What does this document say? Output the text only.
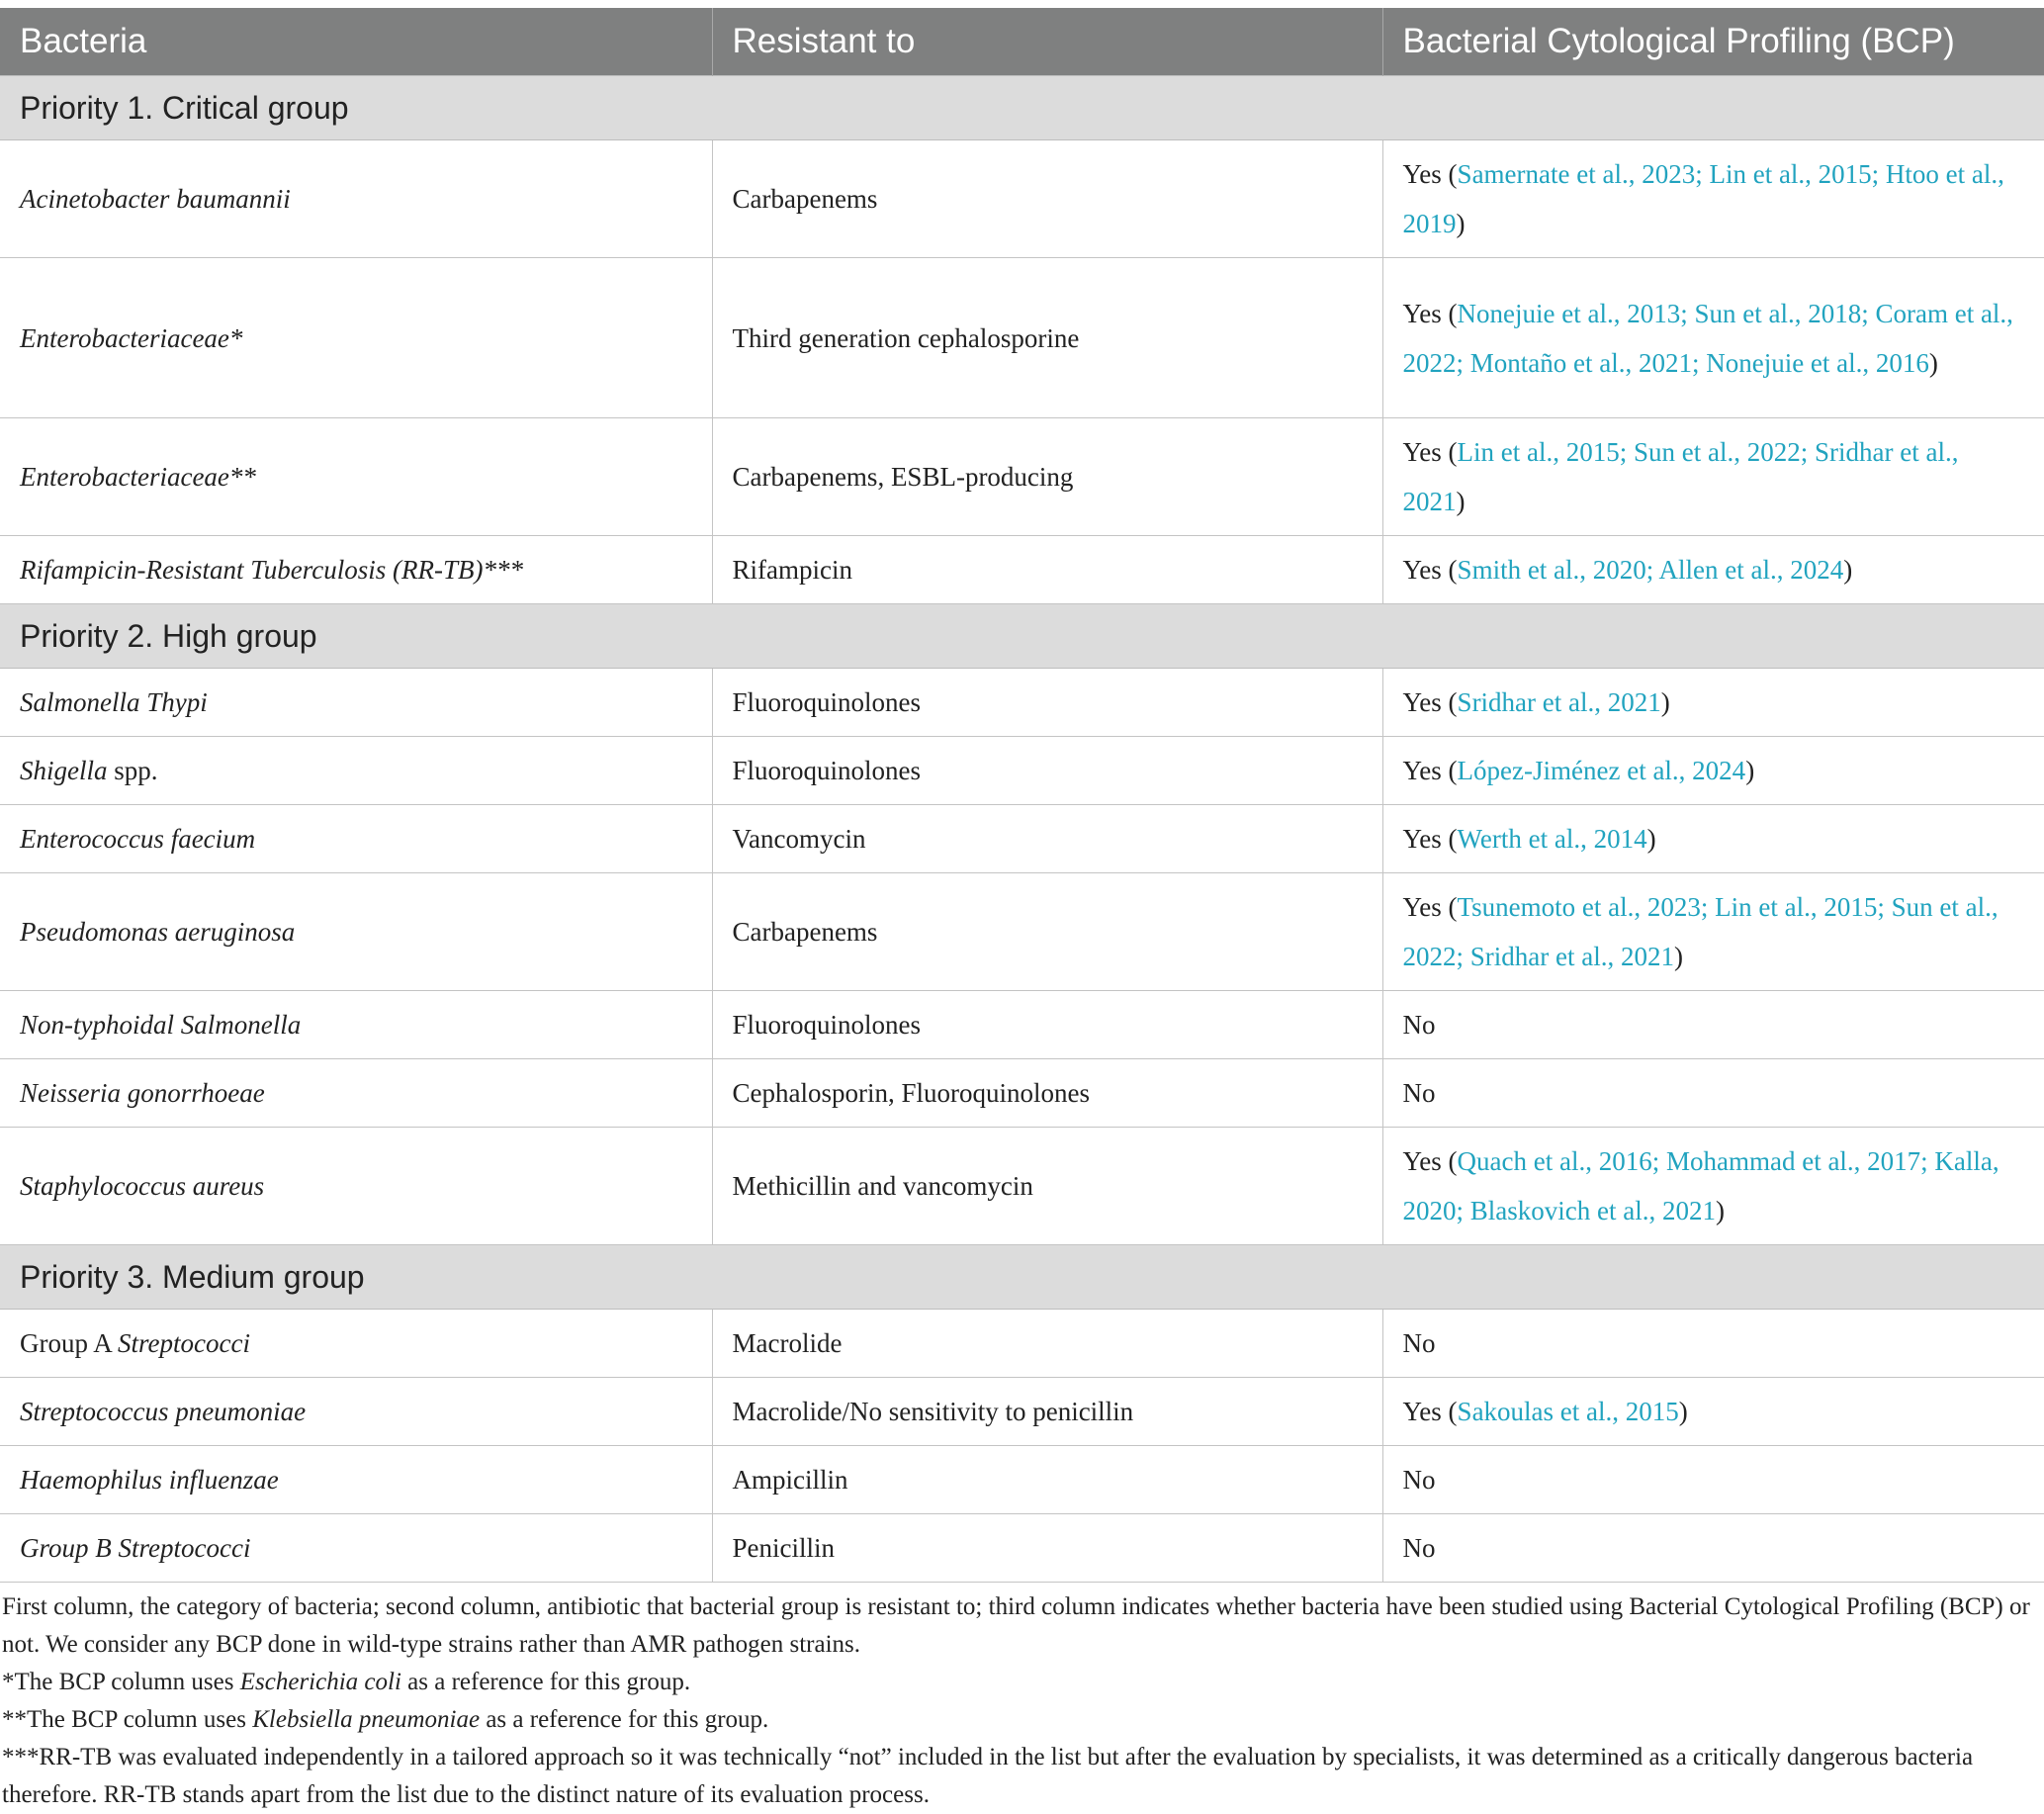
Bacteria	Resistant to	Bacterial Cytological Profiling (BCP)
Priority 1. Critical group		
Acinetobacter baumannii	Carbapenems	Yes (Samernate et al., 2023; Lin et al., 2015; Htoo et al., 2019)
Enterobacteriaceae*	Third generation cephalosporine	Yes (Nonejuie et al., 2013; Sun et al., 2018; Coram et al., 2022; Montaño et al., 2021; Nonejuie et al., 2016)
Enterobacteriaceae**	Carbapenems, ESBL-producing	Yes (Lin et al., 2015; Sun et al., 2022; Sridhar et al., 2021)
Rifampicin-Resistant Tuberculosis (RR-TB)***	Rifampicin	Yes (Smith et al., 2020; Allen et al., 2024)
Priority 2. High group		
Salmonella Thypi	Fluoroquinolones	Yes (Sridhar et al., 2021)
Shigella spp.	Fluoroquinolones	Yes (López-Jiménez et al., 2024)
Enterococcus faecium	Vancomycin	Yes (Werth et al., 2014)
Pseudomonas aeruginosa	Carbapenems	Yes (Tsunemoto et al., 2023; Lin et al., 2015; Sun et al., 2022; Sridhar et al., 2021)
Non-typhoidal Salmonella	Fluoroquinolones	No
Neisseria gonorrhoeae	Cephalosporin, Fluoroquinolones	No
Staphylococcus aureus	Methicillin and vancomycin	Yes (Quach et al., 2016; Mohammad et al., 2017; Kalla, 2020; Blaskovich et al., 2021)
Priority 3. Medium group		
Group A Streptococci	Macrolide	No
Streptococcus pneumoniae	Macrolide/No sensitivity to penicillin	Yes (Sakoulas et al., 2015)
Haemophilus influenzae	Ampicillin	No
Group B Streptococci	Penicillin	No

First column, the category of bacteria; second column, antibiotic that bacterial group is resistant to; third column indicates whether bacteria have been studied using Bacterial Cytological Profiling (BCP) or not. We consider any BCP done in wild-type strains rather than AMR pathogen strains.

*The BCP column uses Escherichia coli as a reference for this group.

**The BCP column uses Klebsiella pneumoniae as a reference for this group.

***RR-TB was evaluated independently in a tailored approach so it was technically “not” included in the list but after the evaluation by specialists, it was determined as a critically dangerous bacteria therefore. RR-TB stands apart from the list due to the distinct nature of its evaluation process.
